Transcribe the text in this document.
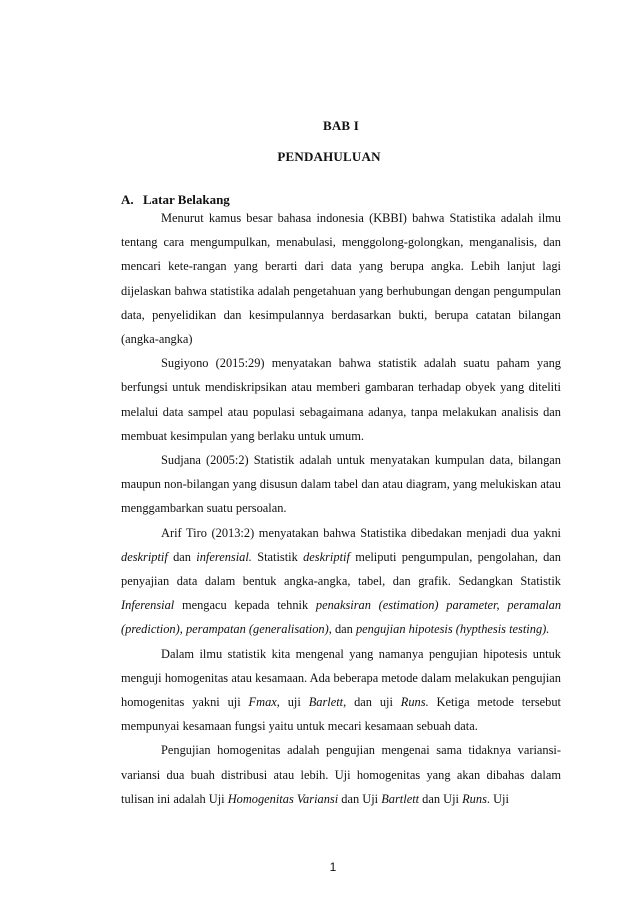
BAB I
PENDAHULUAN
A. Latar Belakang

Menurut kamus besar bahasa indonesia (KBBI) bahwa Statistika adalah ilmu tentang cara mengumpulkan, menabulasi, menggolong-golongkan, menganalisis, dan mencari kete-rangan yang berarti dari data yang berupa angka. Lebih lanjut lagi dijelaskan bahwa statistika adalah pengetahuan yang berhubungan dengan pengumpulan data, penyelidikan dan kesimpulannya berdasarkan bukti, berupa catatan bilangan (angka-angka)

Sugiyono (2015:29) menyatakan bahwa statistik adalah suatu paham yang berfungsi untuk mendiskripsikan atau memberi gambaran terhadap obyek yang diteliti melalui data sampel atau populasi sebagaimana adanya, tanpa melakukan analisis dan membuat kesimpulan yang berlaku untuk umum.

Sudjana (2005:2) Statistik adalah untuk menyatakan kumpulan data, bilangan maupun non-bilangan yang disusun dalam tabel dan atau diagram, yang melukiskan atau menggambarkan suatu persoalan.

Arif Tiro (2013:2) menyatakan bahwa Statistika dibedakan menjadi dua yakni deskriptif dan inferensial. Statistik deskriptif meliputi pengumpulan, pengolahan, dan penyajian data dalam bentuk angka-angka, tabel, dan grafik. Sedangkan Statistik Inferensial mengacu kepada tehnik penaksiran (estimation) parameter, peramalan (prediction), perampatan (generalisation), dan pengujian hipotesis (hypthesis testing).

Dalam ilmu statistik kita mengenal yang namanya pengujian hipotesis untuk menguji homogenitas atau kesamaan. Ada beberapa metode dalam melakukan pengujian homogenitas yakni uji Fmax, uji Barlett, dan uji Runs. Ketiga metode tersebut mempunyai kesamaan fungsi yaitu untuk mecari kesamaan sebuah data.

Pengujian homogenitas adalah pengujian mengenai sama tidaknya variansi-variansi dua buah distribusi atau lebih. Uji homogenitas yang akan dibahas dalam tulisan ini adalah Uji Homogenitas Variansi dan Uji Bartlett dan Uji Runs. Uji

1
